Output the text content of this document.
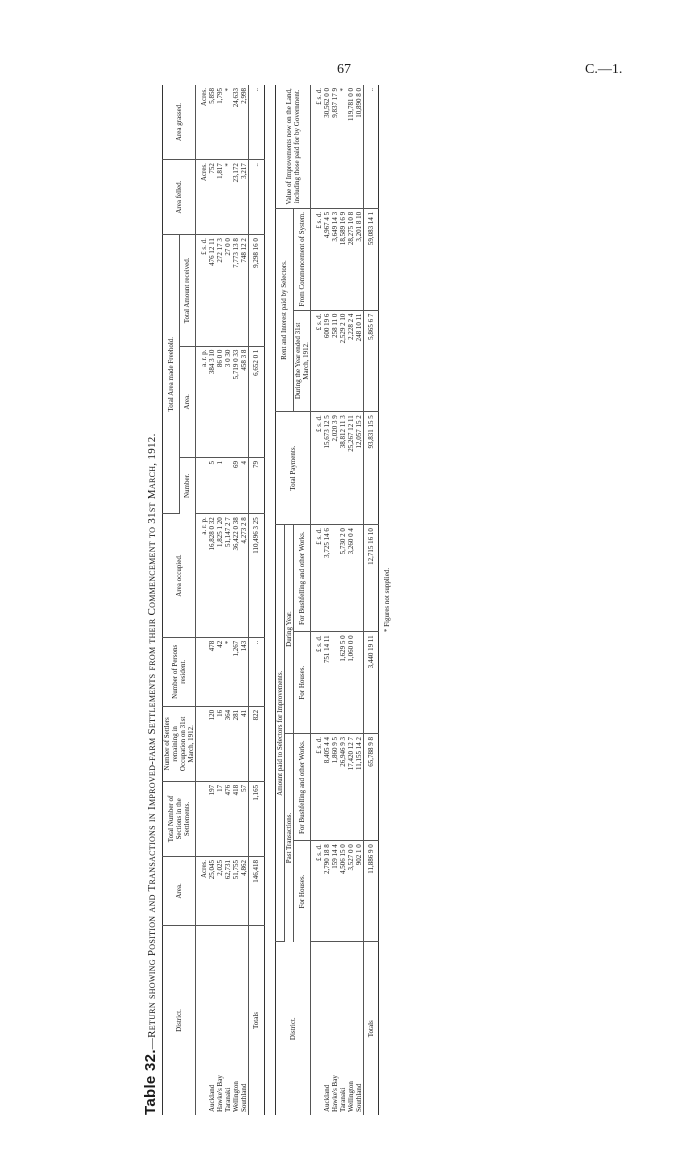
67	C.—1.
Table 32.—Return showing Position and Transactions in Improved-farm Settlements from their Commencement to 31st March, 1912.	District.	Area.	Total Number of Sections in the Settlements.	Number of Settlers remaining in Occupation on 31st March, 1912.	Number of Persons resident.	Area occupied.	Total Area made Freehold.			Area felled.	Area grassed.
						Number.	Area.	Total Amount received.		
	Acres.				a. r. p.		a. r. p.	£ s. d.	Acres.	Acres.
Auckland	25,045	197	120	478	16,828 0 32	5	384 3 10	476 12 11	752	5,858
Hawke's Bay	2,025	17	16	42	1,825 1 20	1	86 0 0	272 17 3	1,817	1,795
Taranaki	62,731	476	364	*	51,147 2 7		3 0 30	27 0 0	*	*
Wellington	51,755	418	281	1,267	36,422 0 38	69	5,719 0 33	7,773 13 8	23,172	24,633
Southland	4,862	57	41	143	4,273 2 8	4	458 3 8	748 12 2	3,217	2,998
Totals	146,418	1,165	822	..	110,496 3 25	79	6,652 0 1	9,298 16 0	..	..
District.	Amount paid to Selectors for Improvements.				Total Payments.	Rent and Interest paid by Selectors.		Value of Improvements now on the Land, including those paid for by Government.
	Past Transactions.		During Year.					
	For Houses.	For Bushfelling and other Works.	For Houses.	For Bushfelling and other Works.		During the Year ended 31st March, 1912.	From Commencement of System.	
	£ s. d.	£ s. d.	£ s. d.	£ s. d.	£ s. d.	£ s. d.	£ s. d.	£ s. d.
Auckland	2,790 18 8	8,405 4 4	751 14 11	3,725 14 6	15,673 12 5	600 19 6	4,967 4 5	30,562 0 0
Hawke's Bay	159 14 4	1,860 9 5			2,020 3 9	258 11 0	3,649 14 3	9,837 17 9
Taranaki	4,506 15 0	26,946 9 3	1,629 5 0	5,730 2 0	38,812 11 3	2,529 2 10	18,589 16 9	*
Wellington	3,527 0 0	17,420 12 7	1,060 0 0	3,260 0 4	25,267 12 11	2,228 2 4	28,275 10 8	119,781 0 0
Southland	902 1 0	11,155 14 2			12,057 15 2	248 10 11	3,201 8 10	10,890 8 0
Totals	11,886 9 0	65,788 9 8	3,440 19 11	12,715 16 10	93,831 15 5	5,865 6 7	59,083 14 1	..
* Figures not supplied.
